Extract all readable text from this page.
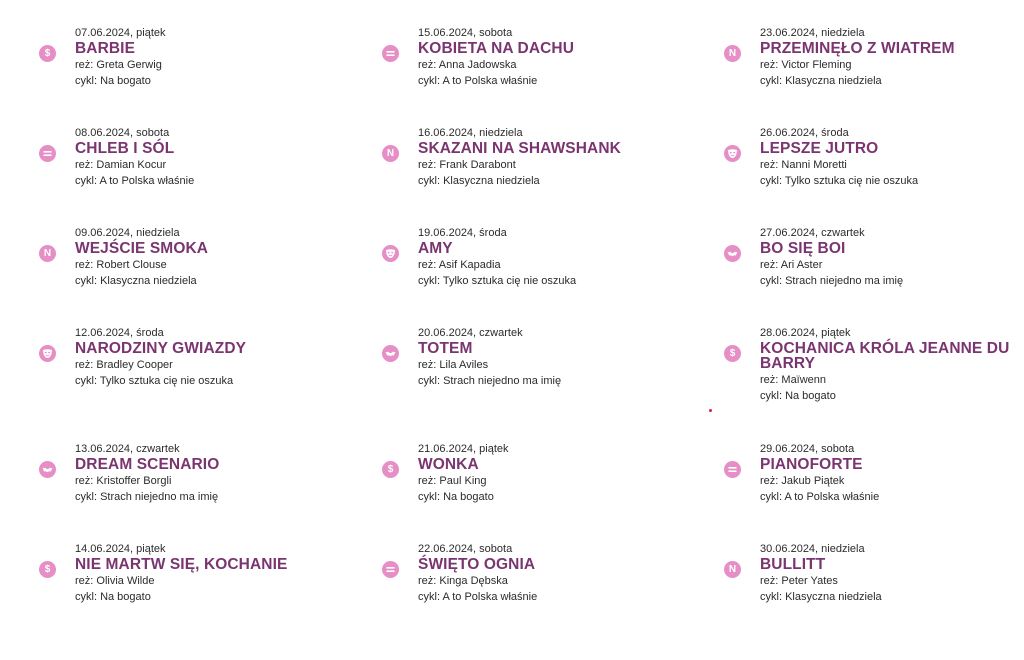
$
07.06.2024, piątek
BARBIE
reż: Greta Gerwig
cykl: Na bogato
08.06.2024, sobota
CHLEB I SÓL
reż: Damian Kocur
cykl: A to Polska właśnie
N
09.06.2024, niedziela
WEJŚCIE SMOKA
reż: Robert Clouse
cykl: Klasyczna niedziela
12.06.2024, środa
NARODZINY GWIAZDY
reż: Bradley Cooper
cykl: Tylko sztuka cię nie oszuka
13.06.2024, czwartek
DREAM SCENARIO
reż: Kristoffer Borgli
cykl: Strach niejedno ma imię
$
14.06.2024, piątek
NIE MARTW SIĘ, KOCHANIE
reż: Olivia Wilde
cykl: Na bogato
15.06.2024, sobota
KOBIETA NA DACHU
reż: Anna Jadowska
cykl: A to Polska właśnie
N
16.06.2024, niedziela
SKAZANI NA SHAWSHANK
reż: Frank Darabont
cykl: Klasyczna niedziela
19.06.2024, środa
AMY
reż: Asif Kapadia
cykl: Tylko sztuka cię nie oszuka
20.06.2024, czwartek
TOTEM
reż: Lila Aviles
cykl: Strach niejedno ma imię
$
21.06.2024, piątek
WONKA
reż: Paul King
cykl: Na bogato
22.06.2024, sobota
ŚWIĘTO OGNIA
reż: Kinga Dębska
cykl: A to Polska właśnie
N
23.06.2024, niedziela
PRZEMINĘŁO Z WIATREM
reż: Victor Fleming
cykl: Klasyczna niedziela
26.06.2024, środa
LEPSZE JUTRO
reż: Nanni Moretti
cykl: Tylko sztuka cię nie oszuka
27.06.2024, czwartek
BO SIĘ BOI
reż: Ari Aster
cykl: Strach niejedno ma imię
$
28.06.2024, piątek
KOCHANICA KRÓLA JEANNE DU BARRY
reż: Maïwenn
cykl: Na bogato
29.06.2024, sobota
PIANOFORTE
reż: Jakub Piątek
cykl: A to Polska właśnie
N
30.06.2024, niedziela
BULLITT
reż: Peter Yates
cykl: Klasyczna niedziela
